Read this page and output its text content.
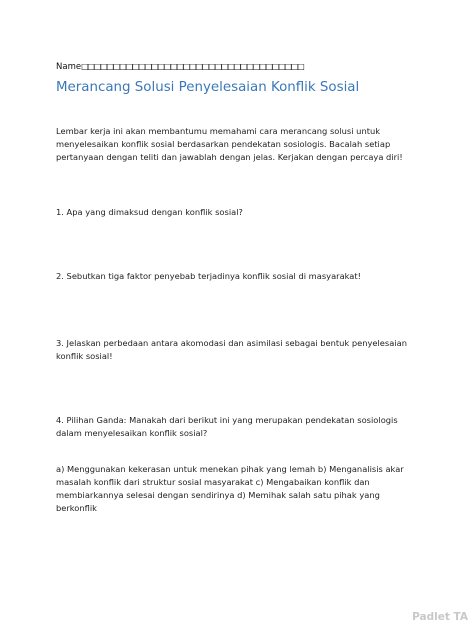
Name□□□□□□□□□□□□□□□□□□□□□□□□□□□□□□□□□□□
Merancang Solusi Penyelesaian Konflik Sosial
Lembar kerja ini akan membantumu memahami cara merancang solusi untuk menyelesaikan konflik sosial berdasarkan pendekatan sosiologis. Bacalah setiap pertanyaan dengan teliti dan jawablah dengan jelas. Kerjakan dengan percaya diri!
1. Apa yang dimaksud dengan konflik sosial?
2. Sebutkan tiga faktor penyebab terjadinya konflik sosial di masyarakat!
3. Jelaskan perbedaan antara akomodasi dan asimilasi sebagai bentuk penyelesaian konflik sosial!
4. Pilihan Ganda: Manakah dari berikut ini yang merupakan pendekatan sosiologis dalam menyelesaikan konflik sosial?
a) Menggunakan kekerasan untuk menekan pihak yang lemah b) Menganalisis akar masalah konflik dari struktur sosial masyarakat c) Mengabaikan konflik dan membiarkannya selesai dengan sendirinya d) Memihak salah satu pihak yang berkonflik
Padlet TA
